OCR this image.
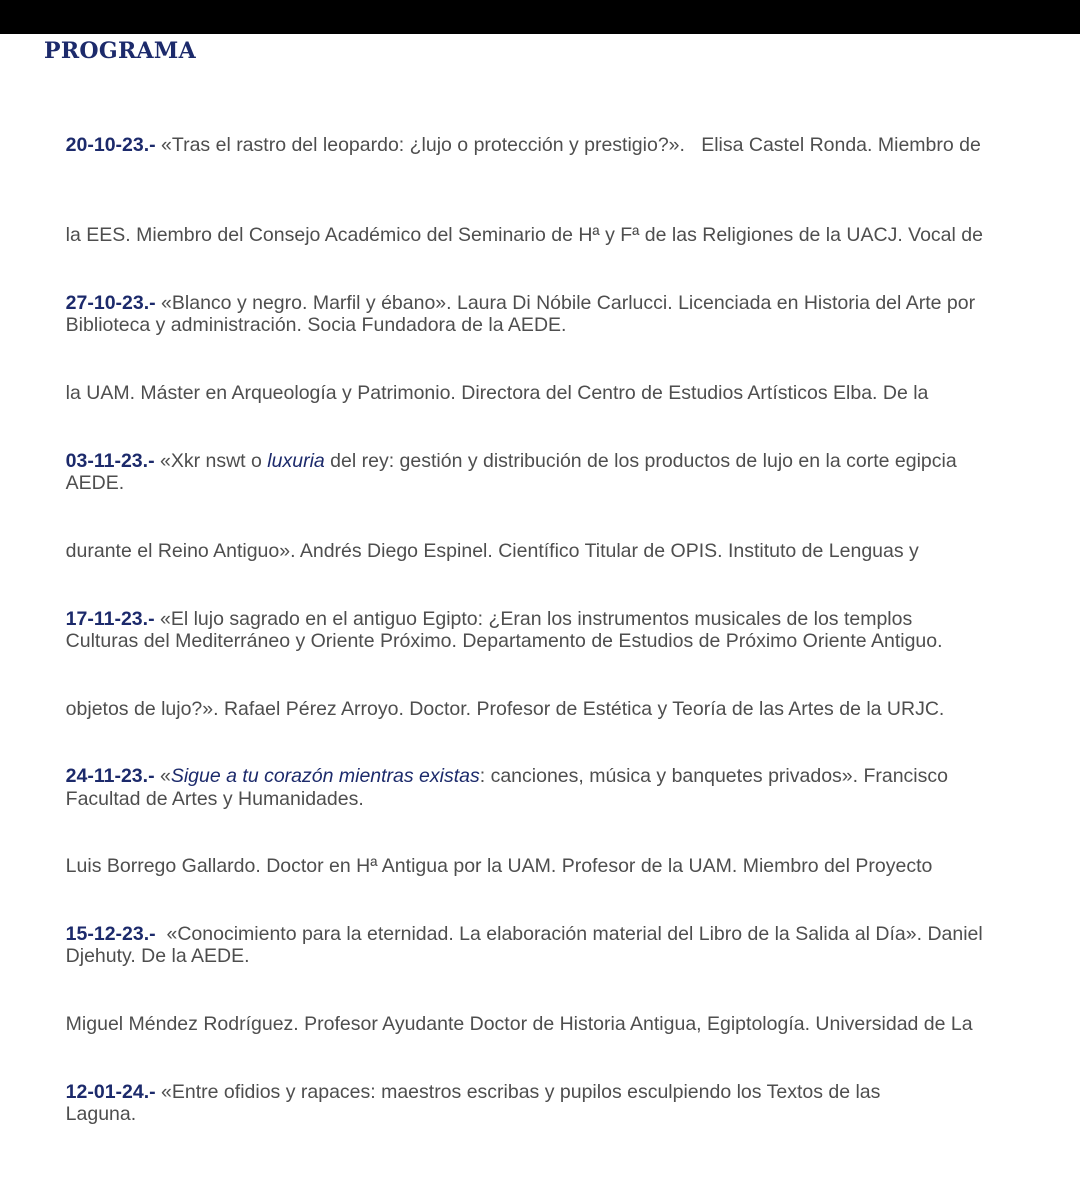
PROGRAMA

20-10-23.- «Tras el rastro del leopardo: ¿lujo o protección y prestigio?».   Elisa Castel Ronda. Miembro de

la EES. Miembro del Consejo Académico del Seminario de Hª y Fª de las Religiones de la UACJ. Vocal de

Biblioteca y administración. Socia Fundadora de la AEDE.

27-10-23.- «Blanco y negro. Marfil y ébano». Laura Di Nóbile Carlucci. Licenciada en Historia del Arte por

la UAM. Máster en Arqueología y Patrimonio. Directora del Centro de Estudios Artísticos Elba. De la

AEDE.

03-11-23.- «Xkr nswt o luxuria del rey: gestión y distribución de los productos de lujo en la corte egipcia

durante el Reino Antiguo». Andrés Diego Espinel. Científico Titular de OPIS. Instituto de Lenguas y

Culturas del Mediterráneo y Oriente Próximo. Departamento de Estudios de Próximo Oriente Antiguo.

17-11-23.- «El lujo sagrado en el antiguo Egipto: ¿Eran los instrumentos musicales de los templos

objetos de lujo?». Rafael Pérez Arroyo. Doctor. Profesor de Estética y Teoría de las Artes de la URJC.

Facultad de Artes y Humanidades.

24-11-23.- «Sigue a tu corazón mientras existas: canciones, música y banquetes privados». Francisco

Luis Borrego Gallardo. Doctor en Hª Antigua por la UAM. Profesor de la UAM. Miembro del Proyecto

Djehuty. De la AEDE.

15-12-23.-  «Conocimiento para la eternidad. La elaboración material del Libro de la Salida al Día». Daniel

Miguel Méndez Rodríguez. Profesor Ayudante Doctor de Historia Antigua, Egiptología. Universidad de La

Laguna.

12-01-24.- «Entre ofidios y rapaces: maestros escribas y pupilos esculpiendo los Textos de las
